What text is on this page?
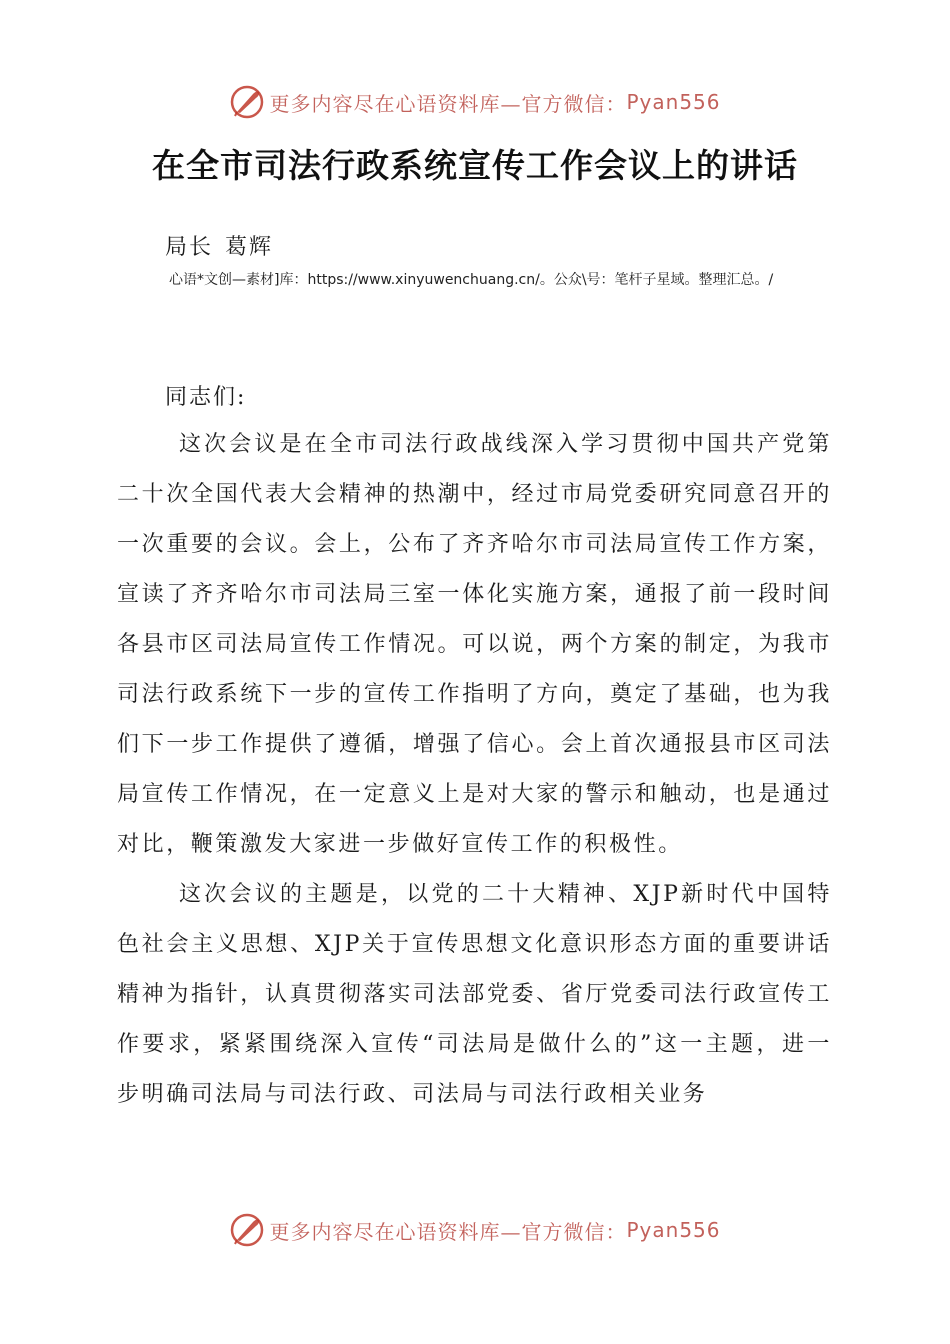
更多内容尽在心语资料库—官方微信： Pyan556
在全市司法行政系统宣传工作会议上的讲话
局长 葛辉
心语*文创—素材]库：https://www.xinyuwenchuang.cn/。公众\号：笔杆子星域。整理汇总。/
同志们:

这次会议是在全市司法行政战线深入学习贯彻中国共产党第二十次全国代表大会精神的热潮中，经过市局党委研究同意召开的一次重要的会议。会上，公布了齐齐哈尔市司法局宣传工作方案，宣读了齐齐哈尔市司法局三室一体化实施方案，通报了前一段时间各县市区司法局宣传工作情况。可以说，两个方案的制定，为我市司法行政系统下一步的宣传工作指明了方向，奠定了基础，也为我们下一步工作提供了遵循，增强了信心。会上首次通报县市区司法局宣传工作情况，在一定意义上是对大家的警示和触动，也是通过对比，鞭策激发大家进一步做好宣传工作的积极性。

这次会议的主题是，以党的二十大精神、XJP新时代中国特色社会主义思想、XJP关于宣传思想文化意识形态方面的重要讲话精神为指针，认真贯彻落实司法部党委、省厅党委司法行政宣传工作要求，紧紧围绕深入宣传“司法局是做什么的”这一主题，进一步明确司法局与司法行政、司法局与司法行政相关业务

更多内容尽在心语资料库—官方微信： Pyan556
